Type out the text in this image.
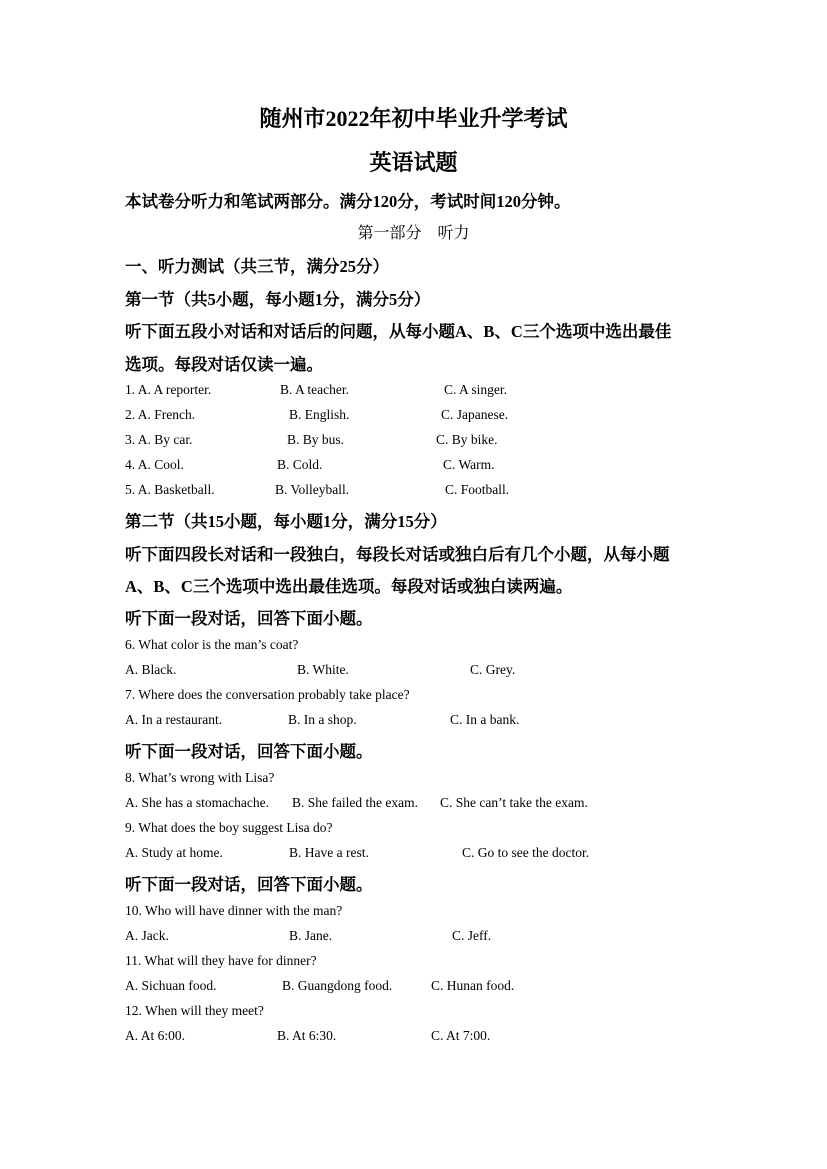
随州市2022年初中毕业升学考试
英语试题
本试卷分听力和笔试两部分。满分120分，考试时间120分钟。
第一部分　听力
一、听力测试（共三节，满分25分）
第一节（共5小题，每小题1分，满分5分）
听下面五段小对话和对话后的问题，从每小题A、B、C三个选项中选出最佳
选项。每段对话仅读一遍。
1. A. A reporter.	B. A teacher.	C. A singer.
2. A. French.	B. English.	C. Japanese.
3. A. By car.	B. By bus.	C. By bike.
4. A. Cool.	B. Cold.	C. Warm.
5. A. Basketball.	B. Volleyball.	C. Football.
第二节（共15小题，每小题1分，满分15分）
听下面四段长对话和一段独白，每段长对话或独白后有几个小题，从每小题
A、B、C三个选项中选出最佳选项。每段对话或独白读两遍。
听下面一段对话，回答下面小题。
6. What color is the man’s coat?
A. Black.	B. White.	C. Grey.
7. Where does the conversation probably take place?
A. In a restaurant.	B. In a shop.	C. In a bank.
听下面一段对话，回答下面小题。
8. What’s wrong with Lisa?
A. She has a stomachache. B. She failed the exam. C. She can’t take the exam.
9. What does the boy suggest Lisa do?
A. Study at home.	B. Have a rest.	C. Go to see the doctor.
听下面一段对话，回答下面小题。
10. Who will have dinner with the man?
A. Jack.	B. Jane.	C. Jeff.
11. What will they have for dinner?
A. Sichuan food.	B. Guangdong food.	C. Hunan food.
12. When will they meet?
A. At 6:00.	B. At 6:30.	C. At 7:00.
